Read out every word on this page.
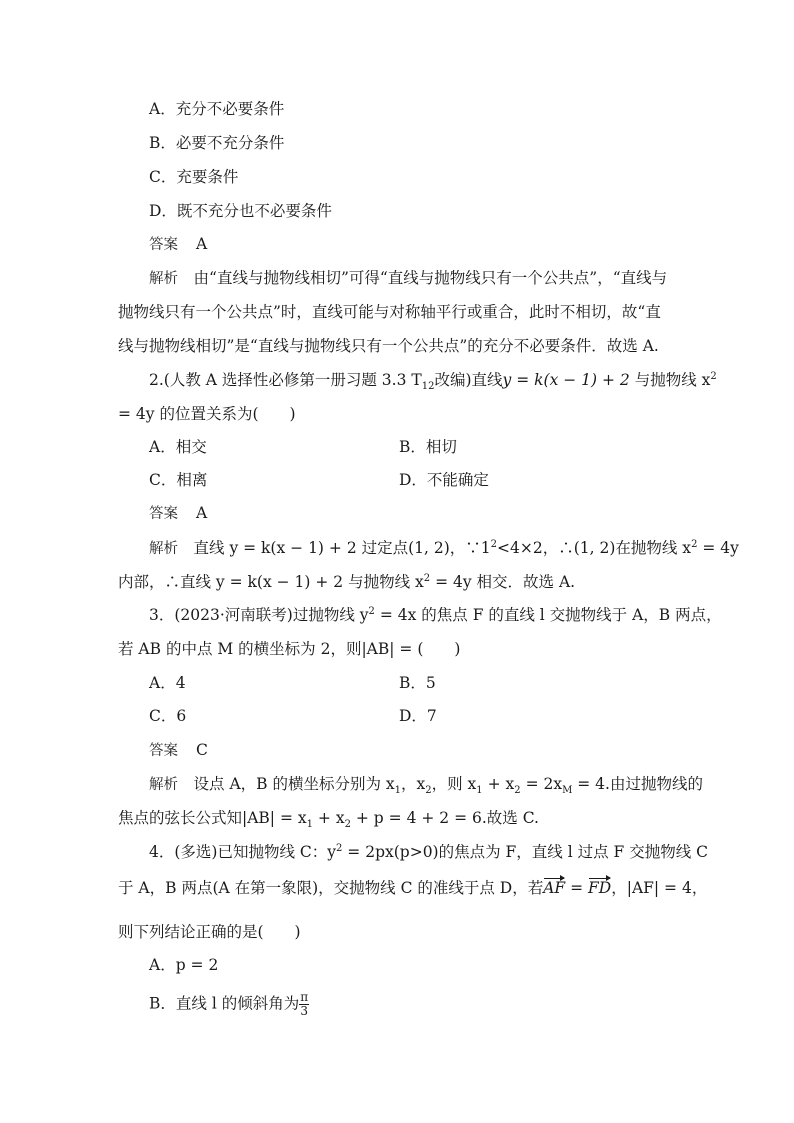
A．充分不必要条件
B．必要不充分条件
C．充要条件
D．既不充分也不必要条件
答案 A
解析　 由“直线与抛物线相切”可得“直线与抛物线只有一个公共点”，“直线与
抛物线只有一个公共点”时，直线可能与对称轴平行或重合，此时不相切，故“直
线与抛物线相切”是“直线与抛物线只有一个公共点”的充分不必要条件．故选 A.
2.(人教 A 选择性必修第一册习题 3.3 $T_{12}$改编)直线y = k(x − 1) + 2 与抛物线 $x^2$
= 4y 的位置关系为(　　)
A．相交	B．相切
C．相离	D．不能确定
答案 A
解析　 直线 y = k(x − 1) + 2 过定点(1, 2)，$\because 1^2<4\times 2$，∴(1, 2)在抛物线 $x^2 = 4y$
内部，∴直线 y = k(x − 1) + 2 与抛物线 $x^2 = 4y$ 相交．故选 A.
3．(2023·河南联考)过抛物线 $y^2 = 4x$ 的焦点 F 的直线 l 交抛物线于 A，B 两点，
若 AB 的中点 M 的横坐标为 2，则|AB| = (　　)
A．4	B．5
C．6	D．7
答案 C
解析　 设点 A，B 的横坐标分别为 $x_1$，$x_2$，则 $x_1 + x_2 = 2x_M = 4$.由过抛物线的
焦点的弦长公式知$|AB| = x_1 + x_2 + p = 4 + 2 = 6$.故选 C.
4．(多选)已知抛物线 C：$y^2 = 2px(p>0)$的焦点为 F，直线 l 过点 F 交抛物线 C
于 A，B 两点(A 在第一象限)，交抛物线 C 的准线于点 D，若AF = FD，|AF| = 4，
则下列结论正确的是(　　)
A．p = 2
B．直线 l 的倾斜角为 $\frac{\pi}{3}$
